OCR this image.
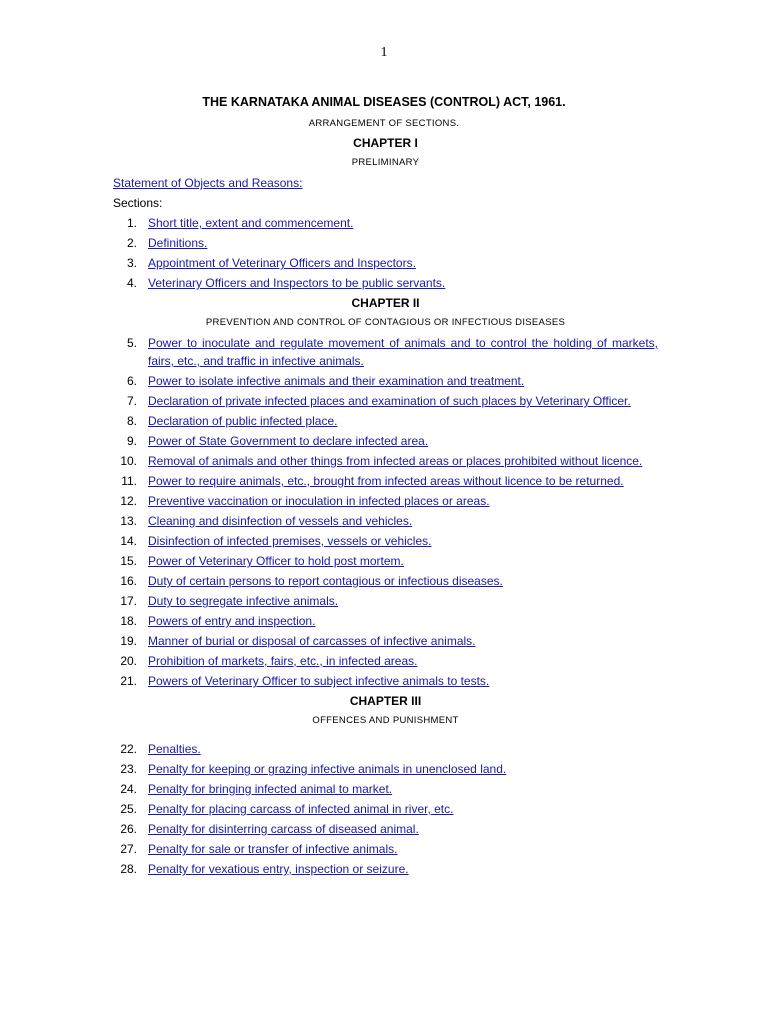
1
THE KARNATAKA ANIMAL DISEASES (CONTROL) ACT, 1961.
ARRANGEMENT OF SECTIONS.
CHAPTER I
PRELIMINARY
Statement of Objects and Reasons:
Sections:
1. Short title, extent and commencement.
2. Definitions.
3. Appointment of Veterinary Officers and Inspectors.
4. Veterinary Officers and Inspectors to be public servants.
CHAPTER II
PREVENTION AND CONTROL OF CONTAGIOUS OR INFECTIOUS DISEASES
5. Power to inoculate and regulate movement of animals and to control the holding of markets, fairs, etc., and traffic in infective animals.
6. Power to isolate infective animals and their examination and treatment.
7. Declaration of private infected places and examination of such places by Veterinary Officer.
8. Declaration of public infected place.
9. Power of State Government to declare infected area.
10. Removal of animals and other things from infected areas or places prohibited without licence.
11. Power to require animals, etc., brought from infected areas without licence to be returned.
12. Preventive vaccination or inoculation in infected places or areas.
13. Cleaning and disinfection of vessels and vehicles.
14. Disinfection of infected premises, vessels or vehicles.
15. Power of Veterinary Officer to hold post mortem.
16. Duty of certain persons to report contagious or infectious diseases.
17. Duty to segregate infective animals.
18. Powers of entry and inspection.
19. Manner of burial or disposal of carcasses of infective animals.
20. Prohibition of markets, fairs, etc., in infected areas.
21. Powers of Veterinary Officer to subject infective animals to tests.
CHAPTER III
OFFENCES AND PUNISHMENT
22. Penalties.
23. Penalty for keeping or grazing infective animals in unenclosed land.
24. Penalty for bringing infected animal to market.
25. Penalty for placing carcass of infected animal in river, etc.
26. Penalty for disinterring carcass of diseased animal.
27. Penalty for sale or transfer of infective animals.
28. Penalty for vexatious entry, inspection or seizure.
